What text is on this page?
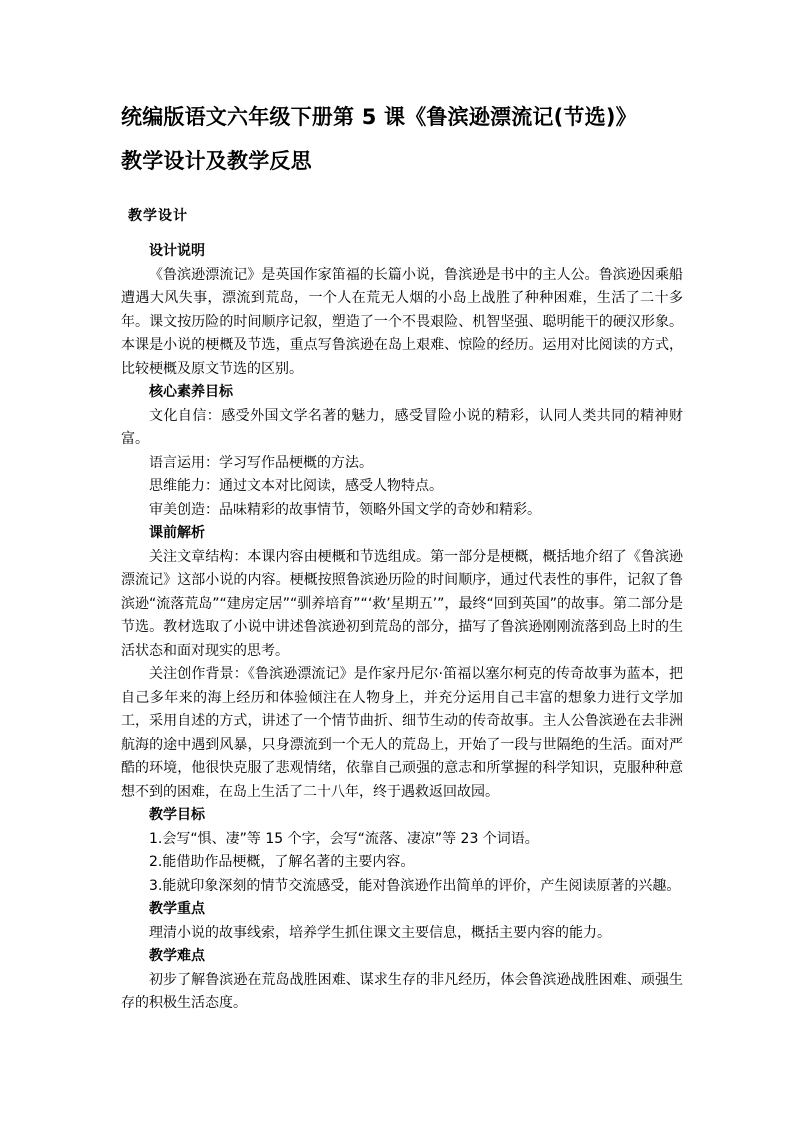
统编版语文六年级下册第 5 课《鲁滨逊漂流记(节选)》
教学设计及教学反思
教学设计

设计说明

《鲁滨逊漂流记》是英国作家笛福的长篇小说，鲁滨逊是书中的主人公。鲁滨逊因乘船遭遇大风失事，漂流到荒岛，一个人在荒无人烟的小岛上战胜了种种困难，生活了二十多年。课文按历险的时间顺序记叙，塑造了一个不畏艰险、机智坚强、聪明能干的硬汉形象。本课是小说的梗概及节选，重点写鲁滨逊在岛上艰难、惊险的经历。运用对比阅读的方式，比较梗概及原文节选的区别。

核心素养目标

文化自信：感受外国文学名著的魅力，感受冒险小说的精彩，认同人类共同的精神财富。

语言运用：学习写作品梗概的方法。

思维能力：通过文本对比阅读，感受人物特点。

审美创造：品味精彩的故事情节，领略外国文学的奇妙和精彩。

课前解析

关注文章结构：本课内容由梗概和节选组成。第一部分是梗概，概括地介绍了《鲁滨逊漂流记》这部小说的内容。梗概按照鲁滨逊历险的时间顺序，通过代表性的事件，记叙了鲁滨逊“流落荒岛”“建房定居”“驯养培育”“‘救’星期五’”，最终“回到英国”的故事。第二部分是节选。教材选取了小说中讲述鲁滨逊初到荒岛的部分，描写了鲁滨逊刚刚流落到岛上时的生活状态和面对现实的思考。

关注创作背景：《鲁滨逊漂流记》是作家丹尼尔·笛福以塞尔柯克的传奇故事为蓝本，把自己多年来的海上经历和体验倾注在人物身上，并充分运用自己丰富的想象力进行文学加工，采用自述的方式，讲述了一个情节曲折、细节生动的传奇故事。主人公鲁滨逊在去非洲航海的途中遇到风暴，只身漂流到一个无人的荒岛上，开始了一段与世隔绝的生活。面对严酷的环境，他很快克服了悲观情绪，依靠自己顽强的意志和所掌握的科学知识，克服种种意想不到的困难，在岛上生活了二十八年，终于遇救返回故园。

教学目标

1.会写“惧、凄”等 15 个字，会写“流落、凄凉”等 23 个词语。

2.能借助作品梗概，了解名著的主要内容。

3.能就印象深刻的情节交流感受，能对鲁滨逊作出简单的评价，产生阅读原著的兴趣。

教学重点

理清小说的故事线索，培养学生抓住课文主要信息，概括主要内容的能力。

教学难点

初步了解鲁滨逊在荒岛战胜困难、谋求生存的非凡经历，体会鲁滨逊战胜困难、顽强生存的积极生活态度。
